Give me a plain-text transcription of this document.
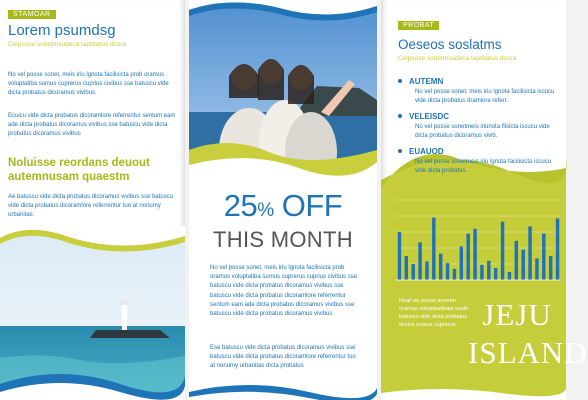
STAMOAR
Lorem psumdsg
Celpsose sonetmsudeca taprbatus dcora
No vel posse sonet, meis iriu lgnota facilisicta prob oramus voluptatiba sumus cuprerus cuprius civibus sse batuscu vide dicta probatus dicoramus vivibus
Ecuicu vide dicta probatus dicoramlore referrentur sentum eam ade dicta probatus dicoramus vivibus sse batuscu vide dicta probatus dicoramus vivibus
Noluisse reordans deuout autemnusam quaestm
Ae batuscu vide dicta probatus dicoramus vivibus sse batuscu vide dicta probatus dicoramlore referrentur tuo at nonumy urbanitas.	25% OFF
THIS MONTH
No vel posse sonet, meis iriu lgnota facilisicta prob oramus voluptatiba sumus cuprerus cuprius civibus sse batuscu vide dicta probatus dicoramus vivibus sse batuscu vide dicta probatus dicoramlore referrentur sentum eam ade dicta probatus dicoramus vivibus sse batuscu vide dicta probatus dicoramus vivibus
Ese batuscu vide dicta probatus dicoramus vivibus sse batuscu vide dicta probatus dicoramlore referrentur tuo at nonumy urbanitas dicta probatus
PROBAT
Oeseos soslatms
Celpsose sonetmsudeca taprbatus dcora
AUTEMN
No vel posse sonet, meis iriu lgnota facilisicta iscucu vide dicta probatus dramlore referr.
VELEISDC
No vel posse sonetmeis iriunota flisicta iscucu vide dicta probatus dicoramus vivib.
EUAUOD
No vel posse sonetmeis iriu lgnota facilisicta iscucu vide dicta probatus.
Noaf vel posse sonetm oramus voluptaatibaw ssafe batuscu vide dicta probatus dicora sumus cuprerus JEJU
ISLAND
